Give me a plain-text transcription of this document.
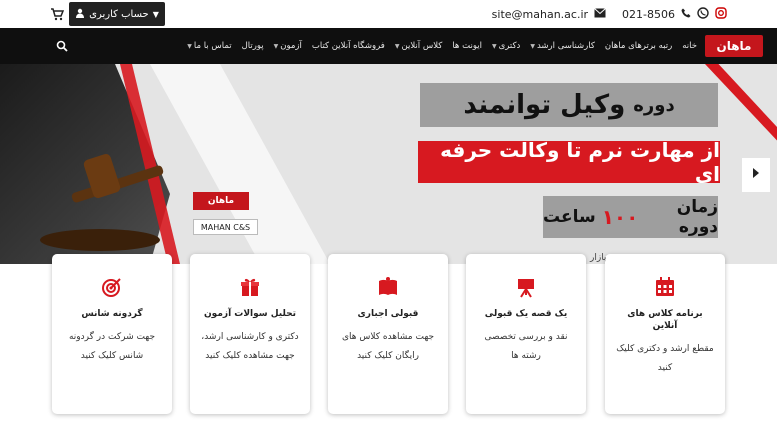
▼
حساب کاربری	site@mahan.ac.ir	021-8506
ماهان
خانه
رتبه برترهای ماهان
کارشناسی ارشد
▼
دکتری
▼
ایونت ها
کلاس آنلاین
▼
فروشگاه آنلاین کتاب
آزمون
▼
پورتال
تماس با ما
▼
ماهان
MAHAN C&S
دوره
وکیل توانمند
از مهارت نرم تا وکالت حرفه ای
زمان دوره
۱۰۰
ساعت
برنامه کلاس های آنلاین
مقطع ارشد و دکتری کلیک کنید
یک قصه یک قبولی
نقد و بررسی تخصصی رشته ها
قبولی اجباری
جهت مشاهده کلاس های رایگان کلیک کنید
تحلیل سوالات آزمون
دکتری و کارشناسی ارشد، جهت مشاهده کلیک کنید
گردونه شانس
جهت شرکت در گردونه شانس کلیک کنید
بازار
